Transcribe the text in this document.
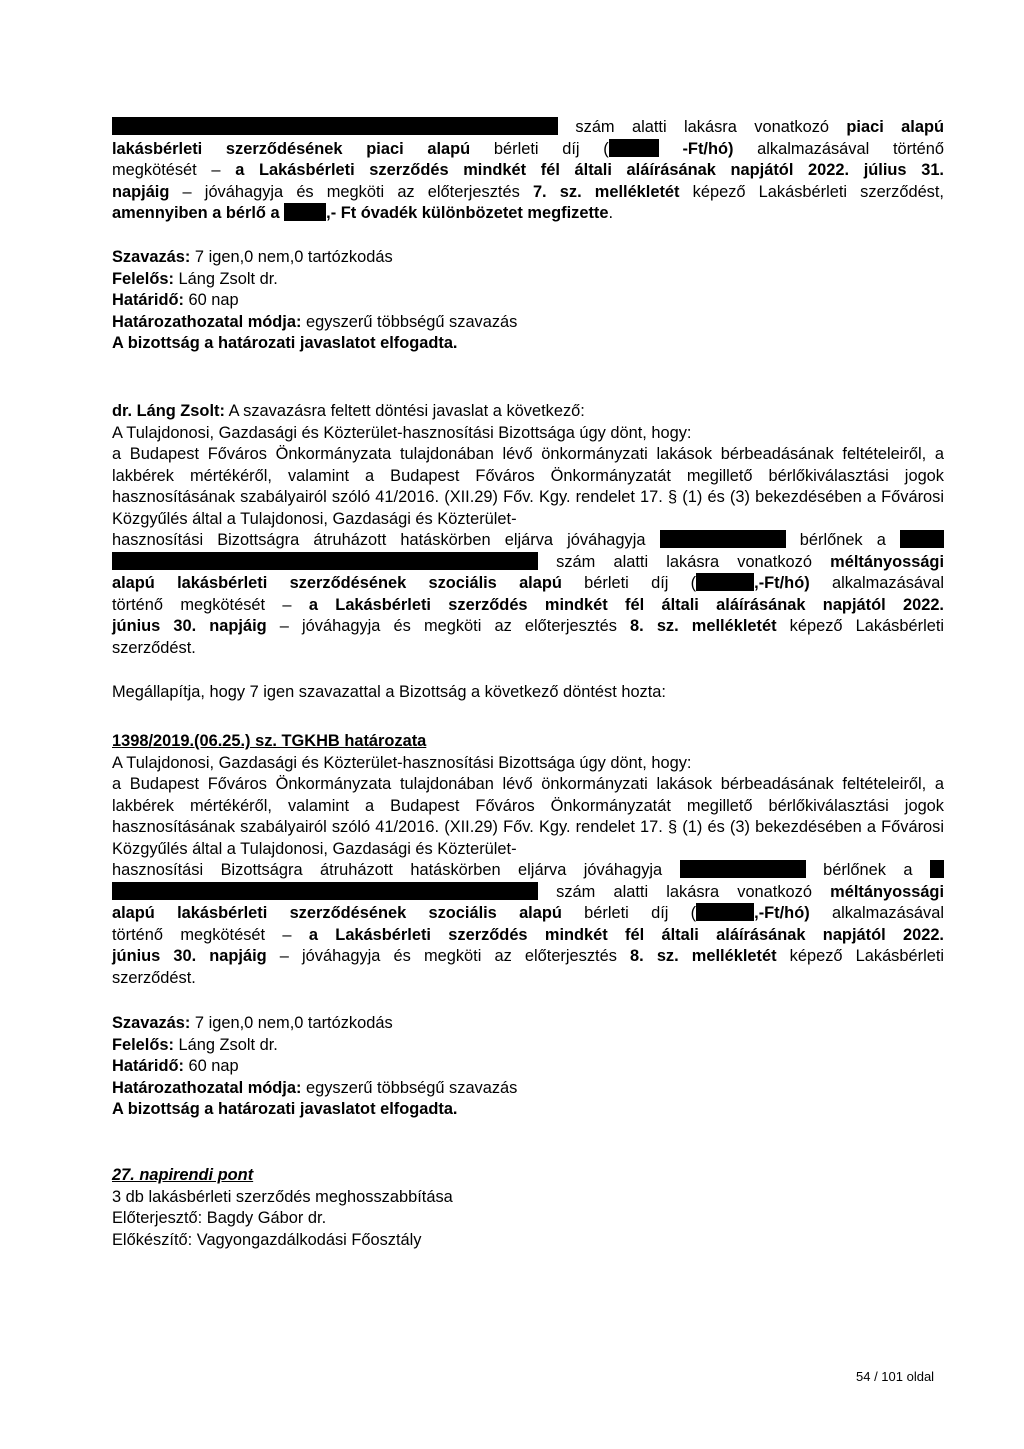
szám alatti lakásra vonatkozó piaci alapú
lakásbérleti szerződésének piaci alapú bérleti díj (	-Ft/hó) alkalmazásával történő
megkötését – a Lakásbérleti szerződés mindkét fél általi aláírásának napjától 2022. július 31.
napjáig – jóváhagyja és megköti az előterjesztés 7. sz. mellékletét képező Lakásbérleti szerződést,
amennyiben a bérlő a	,- Ft óvadék különbözetet megfizette.
Szavazás: 7 igen,0 nem,0 tartózkodás
Felelős: Láng Zsolt dr.
Határidő: 60 nap
Határozathozatal módja: egyszerű többségű szavazás
A bizottság a határozati javaslatot elfogadta.
dr. Láng Zsolt: A szavazásra feltett döntési javaslat a következő:
A Tulajdonosi, Gazdasági és Közterület-hasznosítási Bizottsága úgy dönt, hogy:
a Budapest Főváros Önkormányzata tulajdonában lévő önkormányzati lakások bérbeadásának feltételeiről, a lakbérek mértékéről, valamint a Budapest Főváros Önkormányzatát megillető bérlőkiválasztási jogok hasznosításának szabályairól szóló 41/2016. (XII.29) Főv. Kgy. rendelet 17. § (1) és (3) bekezdésében a Fővárosi Közgyűlés által a Tulajdonosi, Gazdasági és Közterület-
hasznosítási Bizottságra átruházott hatáskörben eljárva jóváhagyja	bérlőnek a
szám alatti lakásra vonatkozó méltányossági
alapú lakásbérleti szerződésének szociális alapú bérleti díj (	,-Ft/hó) alkalmazásával
történő megkötését – a Lakásbérleti szerződés mindkét fél általi aláírásának napjától 2022.
június 30. napjáig – jóváhagyja és megköti az előterjesztés 8. sz. mellékletét képező Lakásbérleti
szerződést.
Megállapítja, hogy 7 igen szavazattal a Bizottság a következő döntést hozta:
1398/2019.(06.25.) sz. TGKHB határozata
A Tulajdonosi, Gazdasági és Közterület-hasznosítási Bizottsága úgy dönt, hogy:
a Budapest Főváros Önkormányzata tulajdonában lévő önkormányzati lakások bérbeadásának feltételeiről, a lakbérek mértékéről, valamint a Budapest Főváros Önkormányzatát megillető bérlőkiválasztási jogok hasznosításának szabályairól szóló 41/2016. (XII.29) Főv. Kgy. rendelet 17. § (1) és (3) bekezdésében a Fővárosi Közgyűlés által a Tulajdonosi, Gazdasági és Közterület-
hasznosítási Bizottságra átruházott hatáskörben eljárva jóváhagyja	bérlőnek a
szám alatti lakásra vonatkozó méltányossági
alapú lakásbérleti szerződésének szociális alapú bérleti díj (	,-Ft/hó) alkalmazásával
történő megkötését – a Lakásbérleti szerződés mindkét fél általi aláírásának napjától 2022.
június 30. napjáig – jóváhagyja és megköti az előterjesztés 8. sz. mellékletét képező Lakásbérleti
szerződést.
Szavazás: 7 igen,0 nem,0 tartózkodás
Felelős: Láng Zsolt dr.
Határidő: 60 nap
Határozathozatal módja: egyszerű többségű szavazás
A bizottság a határozati javaslatot elfogadta.
27. napirendi pont
3 db lakásbérleti szerződés meghosszabbítása
Előterjesztő: Bagdy Gábor dr.
Előkészítő: Vagyongazdálkodási Főosztály
54 / 101 oldal
